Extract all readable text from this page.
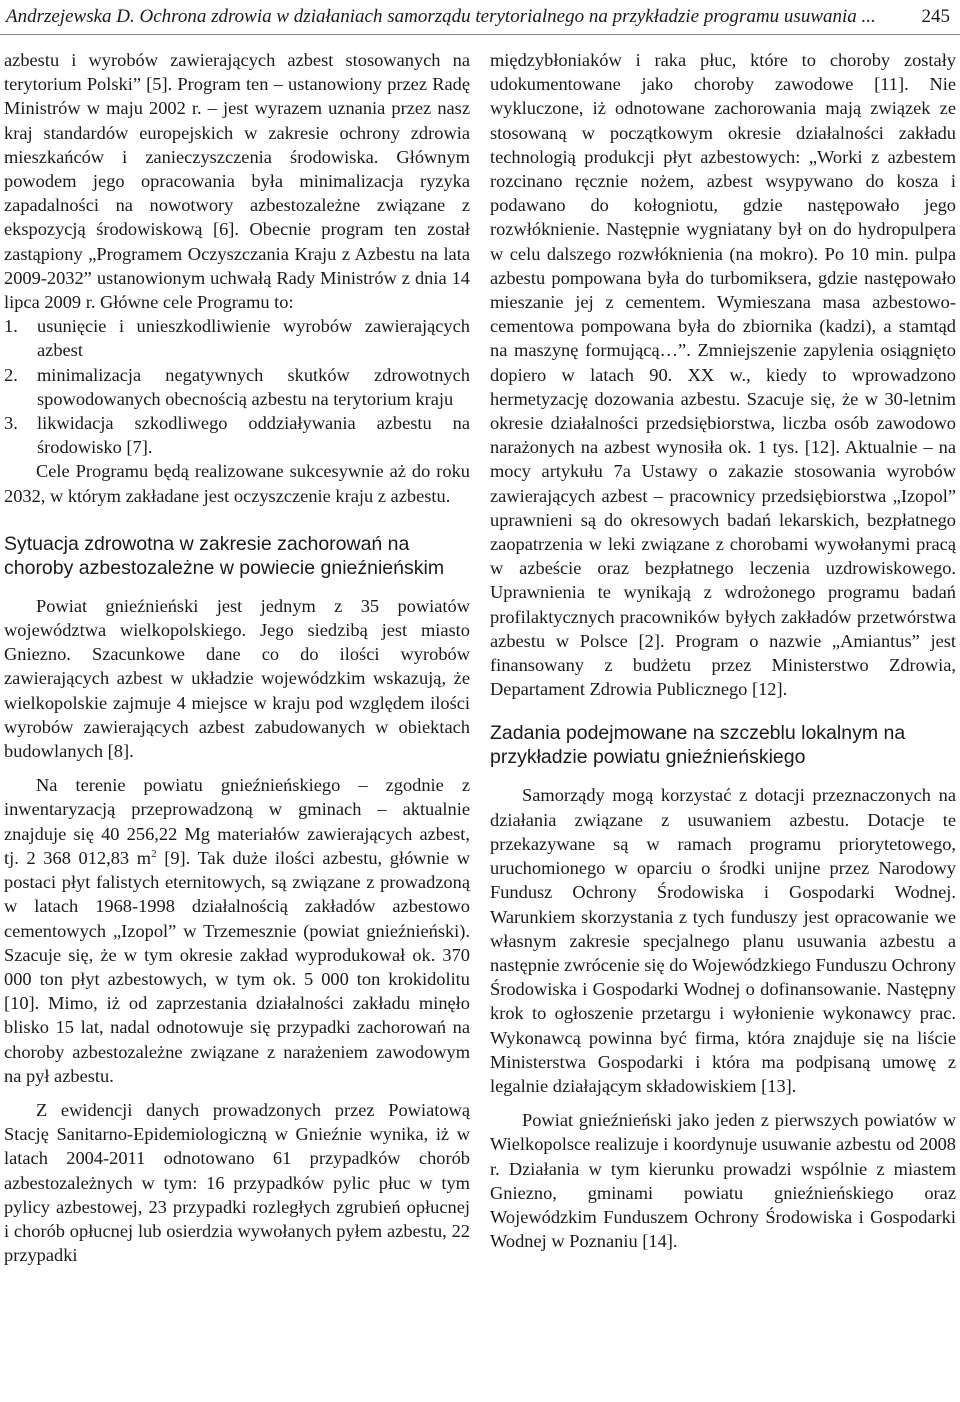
Andrzejewska D. Ochrona zdrowia w działaniach samorządu terytorialnego na przykładzie programu usuwania ... 245

azbestu i wyrobów zawierających azbest stosowanych na terytorium Polski” [5]. Program ten – ustanowiony przez Radę Ministrów w maju 2002 r. – jest wyrazem uznania przez nasz kraj standardów europejskich w zakresie ochrony zdrowia mieszkańców i zanieczyszczenia środowiska. Głównym powodem jego opracowania była minimalizacja ryzyka zapadalności na nowotwory azbestozależne związane z ekspozycją środowiskową [6]. Obecnie program ten został zastąpiony „Programem Oczyszczania Kraju z Azbestu na lata 2009-2032” ustanowionym uchwałą Rady Ministrów z dnia 14 lipca 2009 r. Główne cele Programu to:

1. usunięcie i unieszkodliwienie wyrobów zawierających azbest
2. minimalizacja negatywnych skutków zdrowotnych spowodowanych obecnością azbestu na terytorium kraju
3. likwidacja szkodliwego oddziaływania azbestu na środowisko [7].

Cele Programu będą realizowane sukcesywnie aż do roku 2032, w którym zakładane jest oczyszczenie kraju z azbestu.

Sytuacja zdrowotna w zakresie zachorowań na choroby azbestozależne w powiecie gnieźnieńskim

Powiat gnieźnieński jest jednym z 35 powiatów województwa wielkopolskiego. Jego siedzibą jest miasto Gniezno. Szacunkowe dane co do ilości wyrobów zawierających azbest w układzie wojewódzkim wskazują, że wielkopolskie zajmuje 4 miejsce w kraju pod względem ilości wyrobów zawierających azbest zabudowanych w obiektach budowlanych [8].

Na terenie powiatu gnieźnieńskiego – zgodnie z inwentaryzacją przeprowadzoną w gminach – aktualnie znajduje się 40 256,22 Mg materiałów zawierających azbest, tj. 2 368 012,83 $m^2$ [9]. Tak duże ilości azbestu, głównie w postaci płyt falistych eternitowych, są związane z prowadzoną w latach 1968-1998 działalnością zakładów azbestowo cementowych „Izopol” w Trzemesznie (powiat gnieźnieński). Szacuje się, że w tym okresie zakład wyprodukował ok. 370 000 ton płyt azbestowych, w tym ok. 5 000 ton krokidolitu [10]. Mimo, iż od zaprzestania działalności zakładu minęło blisko 15 lat, nadal odnotowuje się przypadki zachorowań na choroby azbestozależne związane z narażeniem zawodowym na pył azbestu.

Z ewidencji danych prowadzonych przez Powiatową Stację Sanitarno-Epidemiologiczną w Gnieźnie wynika, iż w latach 2004-2011 odnotowano 61 przypadków chorób azbestozależnych w tym: 16 przypadków pylic płuc w tym pylicy azbestowej, 23 przypadki rozległych zgrubień opłucnej i chorób opłucnej lub osierdzia wywołanych pyłem azbestu, 22 przypadki

międzybłoniaków i raka płuc, które to choroby zostały udokumentowane jako choroby zawodowe [11]. Nie wykluczone, iż odnotowane zachorowania mają związek ze stosowaną w początkowym okresie działalności zakładu technologią produkcji płyt azbestowych: „Worki z azbestem rozcinano ręcznie nożem, azbest wsypywano do kosza i podawano do kołogniotu, gdzie następowało jego rozwłóknienie. Następnie wygniatany był on do hydropulpera w celu dalszego rozwłóknienia (na mokro). Po 10 min. pulpa azbestu pompowana była do turbomiksera, gdzie następowało mieszanie jej z cementem. Wymieszana masa azbestowo-cementowa pompowana była do zbiornika (kadzi), a stamtąd na maszynę formującą…”. Zmniejszenie zapylenia osiągnięto dopiero w latach 90. XX w., kiedy to wprowadzono hermetyzację dozowania azbestu. Szacuje się, że w 30-letnim okresie działalności przedsiębiorstwa, liczba osób zawodowo narażonych na azbest wynosiła ok. 1 tys. [12]. Aktualnie – na mocy artykułu 7a Ustawy o zakazie stosowania wyrobów zawierających azbest – pracownicy przedsiębiorstwa „Izopol” uprawnieni są do okresowych badań lekarskich, bezpłatnego zaopatrzenia w leki związane z chorobami wywołanymi pracą w azbeście oraz bezpłatnego leczenia uzdrowiskowego. Uprawnienia te wynikają z wdrożonego programu badań profilaktycznych pracowników byłych zakładów przetwórstwa azbestu w Polsce [2]. Program o nazwie „Amiantus” jest finansowany z budżetu przez Ministerstwo Zdrowia, Departament Zdrowia Publicznego [12].

Zadania podejmowane na szczeblu lokalnym na przykładzie powiatu gnieźnieńskiego

Samorządy mogą korzystać z dotacji przeznaczonych na działania związane z usuwaniem azbestu. Dotacje te przekazywane są w ramach programu priorytetowego, uruchomionego w oparciu o środki unijne przez Narodowy Fundusz Ochrony Środowiska i Gospodarki Wodnej. Warunkiem skorzystania z tych funduszy jest opracowanie we własnym zakresie specjalnego planu usuwania azbestu a następnie zwrócenie się do Wojewódzkiego Funduszu Ochrony Środowiska i Gospodarki Wodnej o dofinansowanie. Następny krok to ogłoszenie przetargu i wyłonienie wykonawcy prac. Wykonawcą powinna być firma, która znajduje się na liście Ministerstwa Gospodarki i która ma podpisaną umowę z legalnie działającym składowiskiem [13].

Powiat gnieźnieński jako jeden z pierwszych powiatów w Wielkopolsce realizuje i koordynuje usuwanie azbestu od 2008 r. Działania w tym kierunku prowadzi wspólnie z miastem Gniezno, gminami powiatu gnieźnieńskiego oraz Wojewódzkim Funduszem Ochrony Środowiska i Gospodarki Wodnej w Poznaniu [14].
